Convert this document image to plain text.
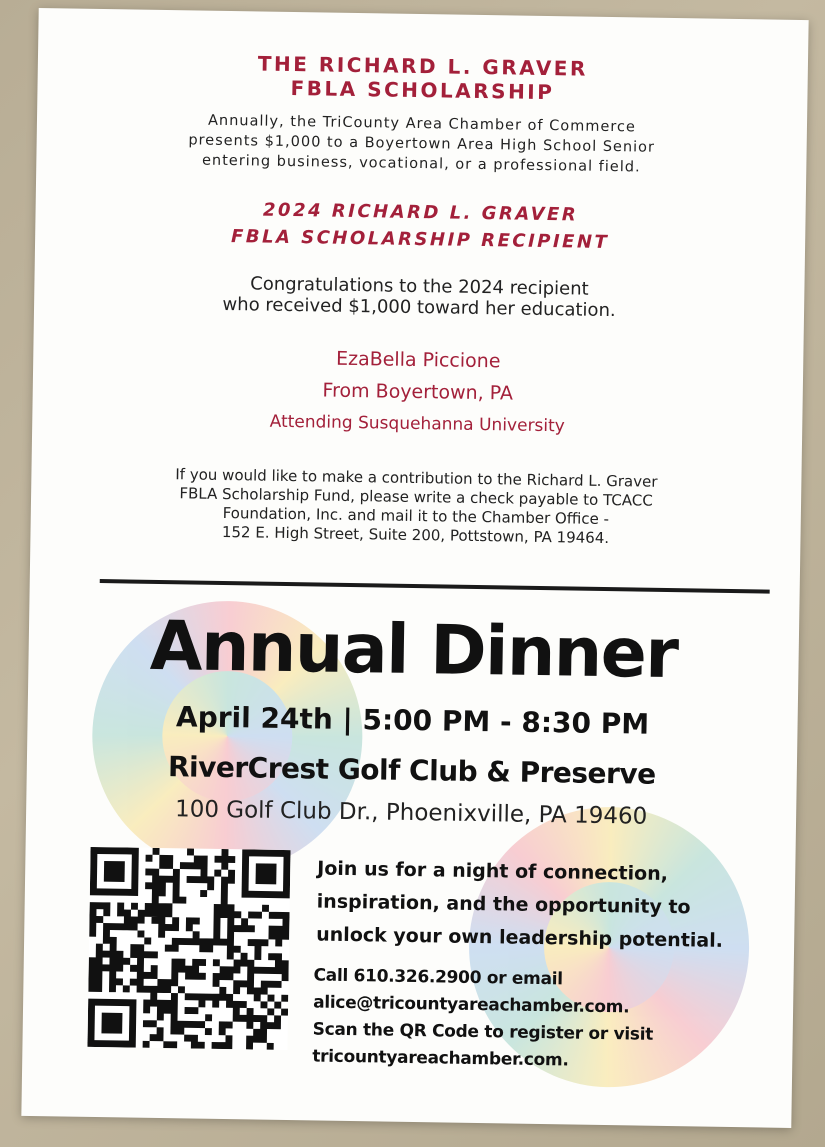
THE RICHARD L. GRAVER
FBLA SCHOLARSHIP
Annually, the TriCounty Area Chamber of Commerce
presents $1,000 to a Boyertown Area High School Senior
entering business, vocational, or a professional field.
2024 RICHARD L. GRAVER
FBLA SCHOLARSHIP RECIPIENT
Congratulations to the 2024 recipient
who received $1,000 toward her education.
EzaBella Piccione
From Boyertown, PA
Attending Susquehanna University
If you would like to make a contribution to the Richard L. Graver
FBLA Scholarship Fund, please write a check payable to TCACC
Foundation, Inc. and mail it to the Chamber Office -
152 E. High Street, Suite 200, Pottstown, PA 19464.
Annual Dinner
April 24th | 5:00 PM - 8:30 PM
RiverCrest Golf Club & Preserve
100 Golf Club Dr., Phoenixville, PA 19460
Join us for a night of connection,
inspiration, and the opportunity to
unlock your own leadership potential.
Call 610.326.2900 or email
alice@tricountyareachamber.com.
Scan the QR Code to register or visit
tricountyareachamber.com.
